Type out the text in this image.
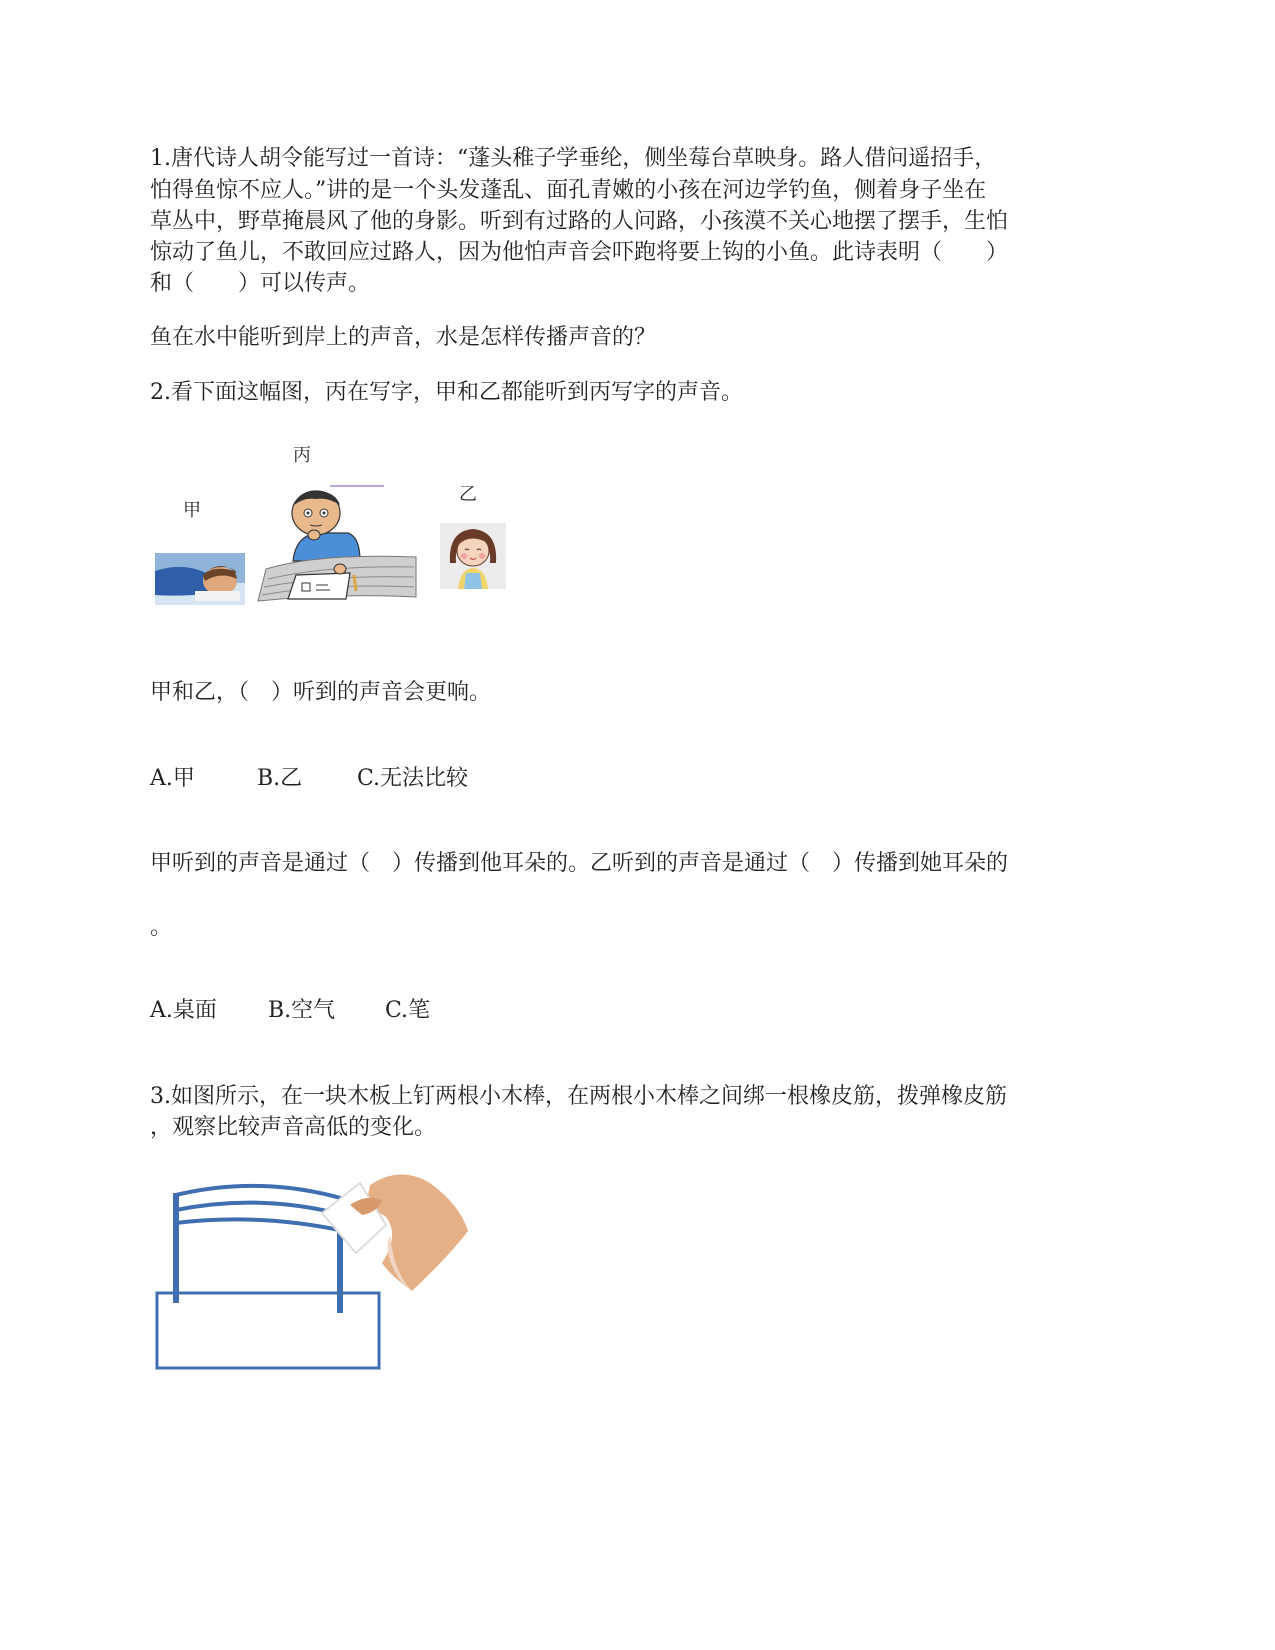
1.唐代诗人胡令能写过一首诗：“蓬头稚子学垂纶，侧坐莓台草映身。路人借问遥招手，
怕得鱼惊不应人。”讲的是一个头发蓬乱、面孔青嫩的小孩在河边学钓鱼，侧着身子坐在
草丛中，野草掩晨风了他的身影。听到有过路的人问路，小孩漠不关心地摆了摆手，生怕
惊动了鱼儿，不敢回应过路人，因为他怕声音会吓跑将要上钩的小鱼。此诗表明（　　）
和（　　）可以传声。
鱼在水中能听到岸上的声音，水是怎样传播声音的？
2.看下面这幅图，丙在写字，甲和乙都能听到丙写字的声音。
丙
乙
甲
甲和乙，（　）听到的声音会更响。
A.甲	B.乙 C.无法比较
甲听到的声音是通过（　）传播到他耳朵的。乙听到的声音是通过（　）传播到她耳朵的
。
A.桌面 B.空气 C.笔
3.如图所示，在一块木板上钉两根小木棒，在两根小木棒之间绑一根橡皮筋，拨弹橡皮筋
，观察比较声音高低的变化。
